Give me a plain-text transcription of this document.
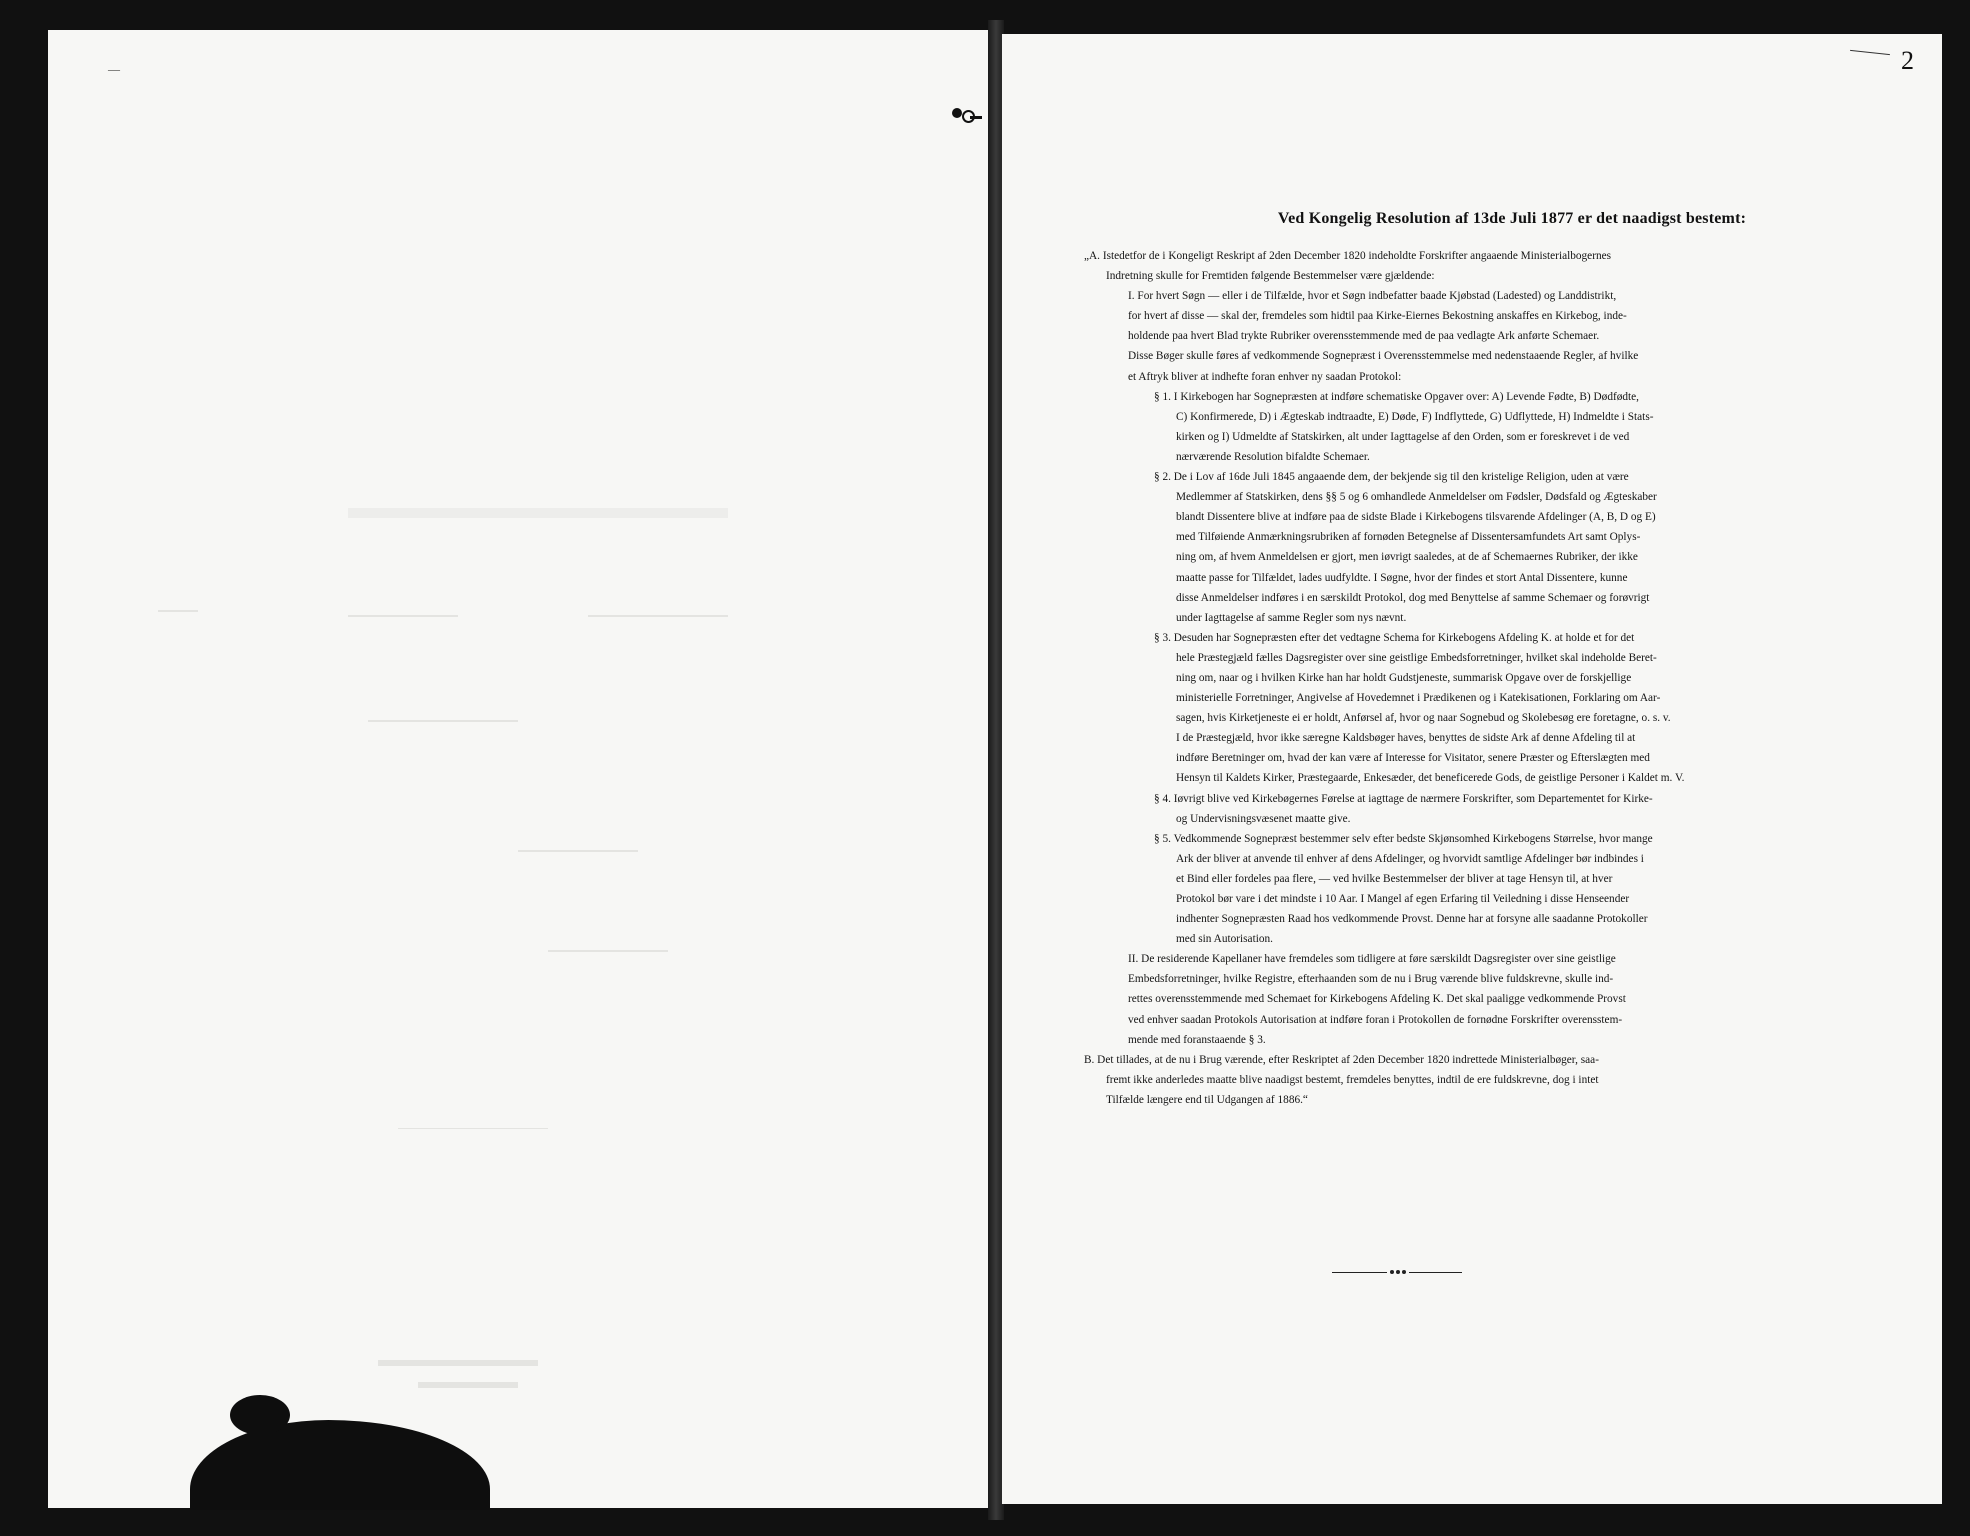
—	2
Ved Kongelig Resolution af 13de Juli 1877 er det naadigst bestemt:

„A. Istedetfor de i Kongeligt Reskript af 2den December 1820 indeholdte Forskrifter angaaende Ministerialbogernes
Indretning skulle for Fremtiden følgende Bestemmelser være gjældende:

I. For hvert Søgn — eller i de Tilfælde, hvor et Søgn indbefatter baade Kjøbstad (Ladested) og Landdistrikt,
for hvert af disse — skal der, fremdeles som hidtil paa Kirke-Eiernes Bekostning anskaffes en Kirkebog, inde-
holdende paa hvert Blad trykte Rubriker overensstemmende med de paa vedlagte Ark anførte Schemaer.
Disse Bøger skulle føres af vedkommende Sognepræst i Overensstemmelse med nedenstaaende Regler, af hvilke
et Aftryk bliver at indhefte foran enhver ny saadan Protokol:

§ 1. I Kirkebogen har Sognepræsten at indføre schematiske Opgaver over: A) Levende Fødte, B) Dødfødte,
C) Konfirmerede, D) i Ægteskab indtraadte, E) Døde, F) Indflyttede, G) Udflyttede, H) Indmeldte i Stats-
kirken og I) Udmeldte af Statskirken, alt under Iagttagelse af den Orden, som er foreskrevet i de ved
nærværende Resolution bifaldte Schemaer.

§ 2. De i Lov af 16de Juli 1845 angaaende dem, der bekjende sig til den kristelige Religion, uden at være
Medlemmer af Statskirken, dens §§ 5 og 6 omhandlede Anmeldelser om Fødsler, Dødsfald og Ægteskaber
blandt Dissentere blive at indføre paa de sidste Blade i Kirkebogens tilsvarende Afdelinger (A, B, D og E)
med Tilføiende Anmærkningsrubriken af fornøden Betegnelse af Dissentersamfundets Art samt Oplys-
ning om, af hvem Anmeldelsen er gjort, men iøvrigt saaledes, at de af Schemaernes Rubriker, der ikke
maatte passe for Tilfældet, lades uudfyldte. I Søgne, hvor der findes et stort Antal Dissentere, kunne
disse Anmeldelser indføres i en særskildt Protokol, dog med Benyttelse af samme Schemaer og forøvrigt
under Iagttagelse af samme Regler som nys nævnt.

§ 3. Desuden har Sognepræsten efter det vedtagne Schema for Kirkebogens Afdeling K. at holde et for det
hele Præstegjæld fælles Dagsregister over sine geistlige Embedsforretninger, hvilket skal indeholde Beret-
ning om, naar og i hvilken Kirke han har holdt Gudstjeneste, summarisk Opgave over de forskjellige
ministerielle Forretninger, Angivelse af Hovedemnet i Prædikenen og i Katekisationen, Forklaring om Aar-
sagen, hvis Kirketjeneste ei er holdt, Anførsel af, hvor og naar Sognebud og Skolebesøg ere foretagne, o. s. v.
I de Præstegjæld, hvor ikke særegne Kaldsbøger haves, benyttes de sidste Ark af denne Afdeling til at
indføre Beretninger om, hvad der kan være af Interesse for Visitator, senere Præster og Efterslægten med
Hensyn til Kaldets Kirker, Præstegaarde, Enkesæder, det beneficerede Gods, de geistlige Personer i Kaldet m. V.

§ 4. Iøvrigt blive ved Kirkebøgernes Førelse at iagttage de nærmere Forskrifter, som Departementet for Kirke-
og Undervisningsvæsenet maatte give.

§ 5. Vedkommende Sognepræst bestemmer selv efter bedste Skjønsomhed Kirkebogens Størrelse, hvor mange
Ark der bliver at anvende til enhver af dens Afdelinger, og hvorvidt samtlige Afdelinger bør indbindes i
et Bind eller fordeles paa flere, — ved hvilke Bestemmelser der bliver at tage Hensyn til, at hver
Protokol bør vare i det mindste i 10 Aar. I Mangel af egen Erfaring til Veiledning i disse Henseender
indhenter Sognepræsten Raad hos vedkommende Provst. Denne har at forsyne alle saadanne Protokoller
med sin Autorisation.

II. De residerende Kapellaner have fremdeles som tidligere at føre særskildt Dagsregister over sine geistlige
Embedsforretninger, hvilke Registre, efterhaanden som de nu i Brug værende blive fuldskrevne, skulle ind-
rettes overensstemmende med Schemaet for Kirkebogens Afdeling K. Det skal paaligge vedkommende Provst
ved enhver saadan Protokols Autorisation at indføre foran i Protokollen de fornødne Forskrifter overensstem-
mende med foranstaaende § 3.

B. Det tillades, at de nu i Brug værende, efter Reskriptet af 2den December 1820 indrettede Ministerialbøger, saa-
fremt ikke anderledes maatte blive naadigst bestemt, fremdeles benyttes, indtil de ere fuldskrevne, dog i intet
Tilfælde længere end til Udgangen af 1886.“
